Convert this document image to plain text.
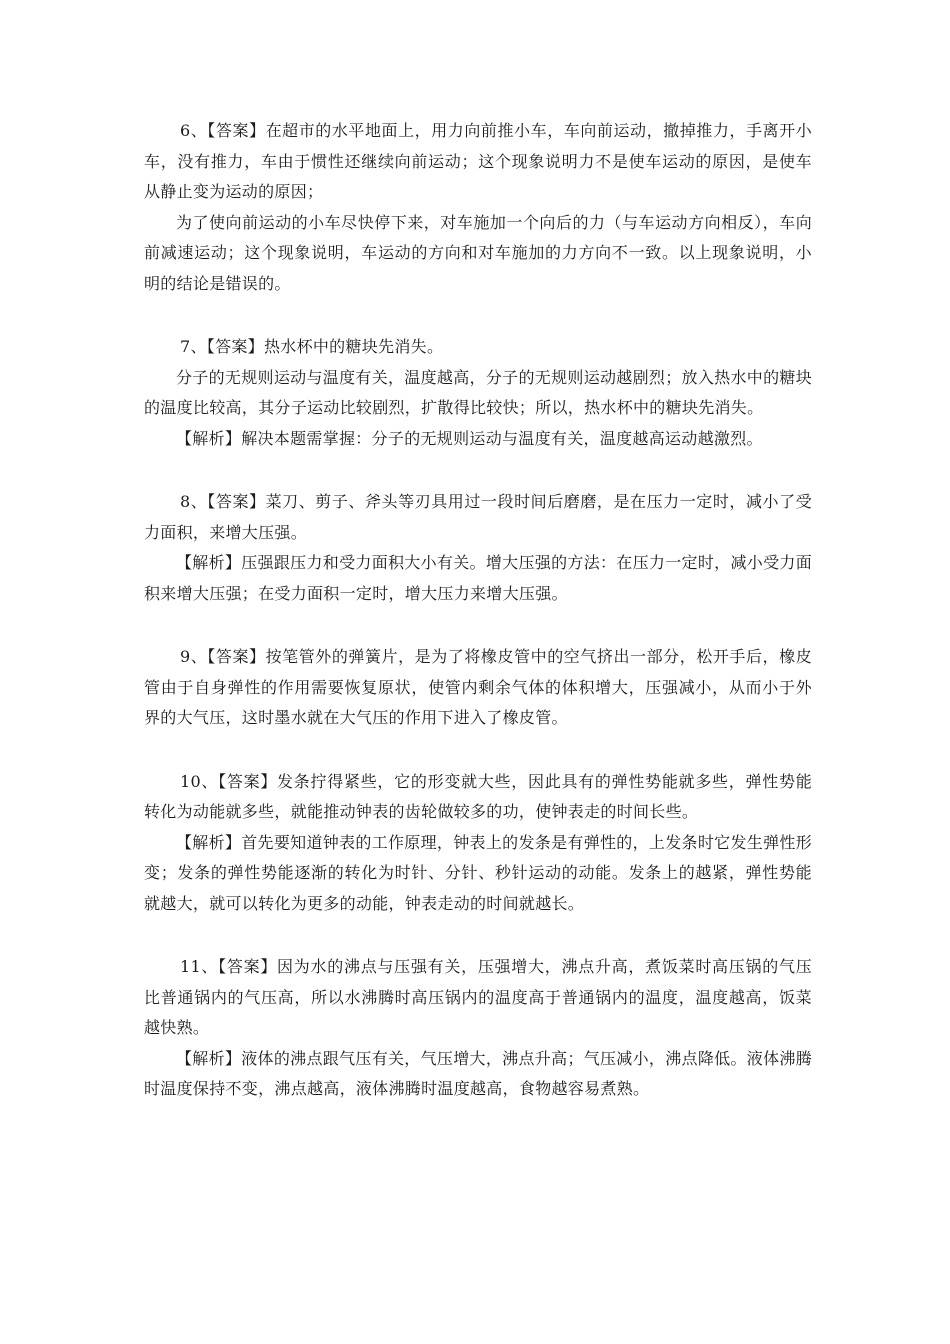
6、【答案】在超市的水平地面上，用力向前推小车，车向前运动，撤掉推力，手离开小车，没有推力，车由于惯性还继续向前运动；这个现象说明力不是使车运动的原因，是使车从静止变为运动的原因；

为了使向前运动的小车尽快停下来，对车施加一个向后的力（与车运动方向相反），车向前减速运动；这个现象说明，车运动的方向和对车施加的力方向不一致。以上现象说明，小明的结论是错误的。

7、【答案】热水杯中的糖块先消失。

分子的无规则运动与温度有关，温度越高，分子的无规则运动越剧烈；放入热水中的糖块的温度比较高，其分子运动比较剧烈，扩散得比较快；所以，热水杯中的糖块先消失。

【解析】解决本题需掌握：分子的无规则运动与温度有关，温度越高运动越激烈。

8、【答案】菜刀、剪子、斧头等刃具用过一段时间后磨磨，是在压力一定时，减小了受力面积，来增大压强。

【解析】压强跟压力和受力面积大小有关。增大压强的方法：在压力一定时，减小受力面积来增大压强；在受力面积一定时，增大压力来增大压强。

9、【答案】按笔管外的弹簧片，是为了将橡皮管中的空气挤出一部分，松开手后，橡皮管由于自身弹性的作用需要恢复原状，使管内剩余气体的体积增大，压强减小，从而小于外界的大气压，这时墨水就在大气压的作用下进入了橡皮管。

10、【答案】发条拧得紧些，它的形变就大些，因此具有的弹性势能就多些，弹性势能转化为动能就多些，就能推动钟表的齿轮做较多的功，使钟表走的时间长些。

【解析】首先要知道钟表的工作原理，钟表上的发条是有弹性的，上发条时它发生弹性形变；发条的弹性势能逐渐的转化为时针、分针、秒针运动的动能。发条上的越紧，弹性势能就越大，就可以转化为更多的动能，钟表走动的时间就越长。

11、【答案】因为水的沸点与压强有关，压强增大，沸点升高，煮饭菜时高压锅的气压比普通锅内的气压高，所以水沸腾时高压锅内的温度高于普通锅内的温度，温度越高，饭菜越快熟。

【解析】液体的沸点跟气压有关，气压增大，沸点升高；气压减小，沸点降低。液体沸腾时温度保持不变，沸点越高，液体沸腾时温度越高，食物越容易煮熟。
